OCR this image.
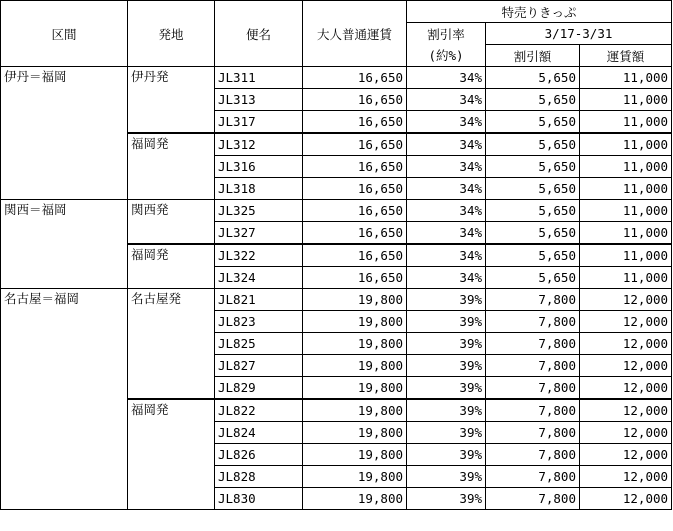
区間	発地	便名	大人普通運賃	特売りきっぷ		
				割引率	3/17-3/31	
				(約%)	割引額	運賃額
伊丹＝福岡	伊丹発	JL311	16,650	34%	5,650	11,000
		JL313	16,650	34%	5,650	11,000
		JL317	16,650	34%	5,650	11,000
	福岡発	JL312	16,650	34%	5,650	11,000
		JL316	16,650	34%	5,650	11,000
		JL318	16,650	34%	5,650	11,000
関西＝福岡	関西発	JL325	16,650	34%	5,650	11,000
		JL327	16,650	34%	5,650	11,000
	福岡発	JL322	16,650	34%	5,650	11,000
		JL324	16,650	34%	5,650	11,000
名古屋＝福岡	名古屋発	JL821	19,800	39%	7,800	12,000
		JL823	19,800	39%	7,800	12,000
		JL825	19,800	39%	7,800	12,000
		JL827	19,800	39%	7,800	12,000
		JL829	19,800	39%	7,800	12,000
	福岡発	JL822	19,800	39%	7,800	12,000
		JL824	19,800	39%	7,800	12,000
		JL826	19,800	39%	7,800	12,000
		JL828	19,800	39%	7,800	12,000
		JL830	19,800	39%	7,800	12,000
